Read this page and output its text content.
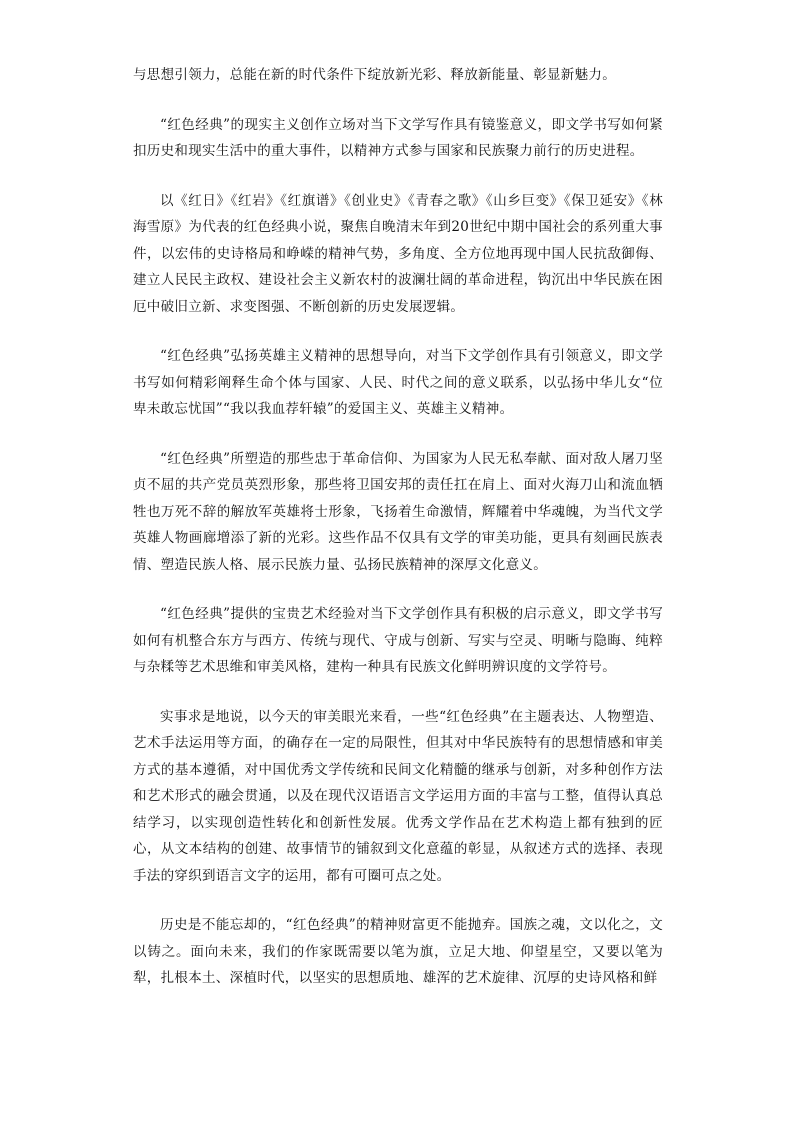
与思想引领力，总能在新的时代条件下绽放新光彩、释放新能量、彰显新魅力。

“红色经典”的现实主义创作立场对当下文学写作具有镜鉴意义，即文学书写如何紧扣历史和现实生活中的重大事件，以精神方式参与国家和民族聚力前行的历史进程。

以《红日》《红岩》《红旗谱》《创业史》《青春之歌》《山乡巨变》《保卫延安》《林海雪原》为代表的红色经典小说，聚焦自晚清末年到20世纪中期中国社会的系列重大事件，以宏伟的史诗格局和峥嵘的精神气势，多角度、全方位地再现中国人民抗敌御侮、建立人民民主政权、建设社会主义新农村的波澜壮阔的革命进程，钩沉出中华民族在困厄中破旧立新、求变图强、不断创新的历史发展逻辑。

“红色经典”弘扬英雄主义精神的思想导向，对当下文学创作具有引领意义，即文学书写如何精彩阐释生命个体与国家、人民、时代之间的意义联系，以弘扬中华儿女“位卑未敢忘忧国”“我以我血荐轩辕”的爱国主义、英雄主义精神。

“红色经典”所塑造的那些忠于革命信仰、为国家为人民无私奉献、面对敌人屠刀坚贞不屈的共产党员英烈形象，那些将卫国安邦的责任扛在肩上、面对火海刀山和流血牺牲也万死不辞的解放军英雄将士形象，飞扬着生命激情，辉耀着中华魂魄，为当代文学英雄人物画廊增添了新的光彩。这些作品不仅具有文学的审美功能，更具有刻画民族表情、塑造民族人格、展示民族力量、弘扬民族精神的深厚文化意义。

“红色经典”提供的宝贵艺术经验对当下文学创作具有积极的启示意义，即文学书写如何有机整合东方与西方、传统与现代、守成与创新、写实与空灵、明晰与隐晦、纯粹与杂糅等艺术思维和审美风格，建构一种具有民族文化鲜明辨识度的文学符号。

实事求是地说，以今天的审美眼光来看，一些“红色经典”在主题表达、人物塑造、艺术手法运用等方面，的确存在一定的局限性，但其对中华民族特有的思想情感和审美方式的基本遵循，对中国优秀文学传统和民间文化精髓的继承与创新，对多种创作方法和艺术形式的融会贯通，以及在现代汉语语言文学运用方面的丰富与工整，值得认真总结学习，以实现创造性转化和创新性发展。优秀文学作品在艺术构造上都有独到的匠心，从文本结构的创建、故事情节的铺叙到文化意蕴的彰显，从叙述方式的选择、表现手法的穿织到语言文字的运用，都有可圈可点之处。

历史是不能忘却的，“红色经典”的精神财富更不能抛弃。国族之魂，文以化之，文以铸之。面向未来，我们的作家既需要以笔为旗，立足大地、仰望星空，又要以笔为犁，扎根本土、深植时代，以坚实的思想质地、雄浑的艺术旋律、沉厚的史诗风格和鲜
